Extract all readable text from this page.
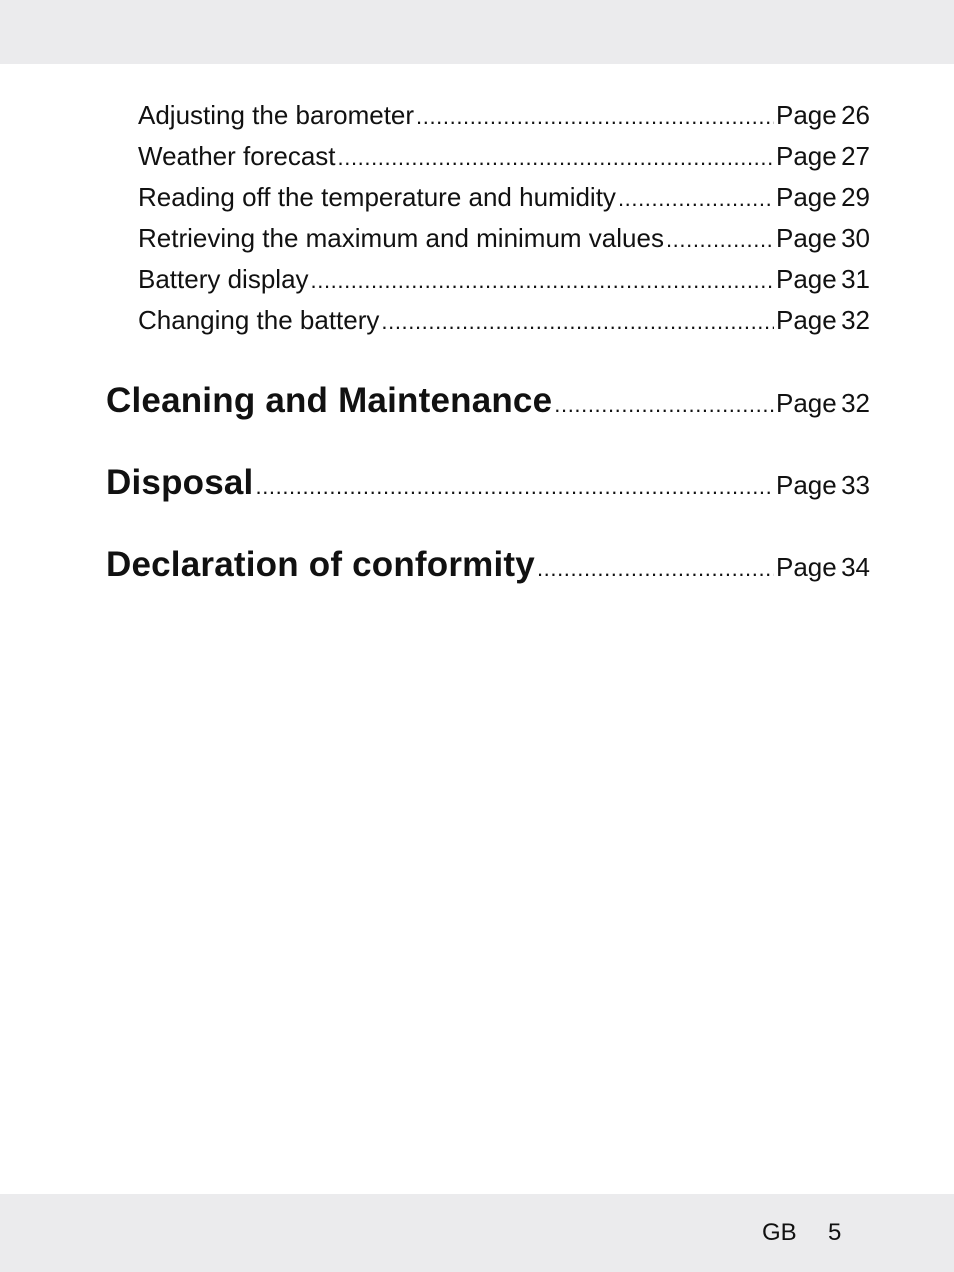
Adjusting the barometer .....	Page 26
Weather forecast .....	Page 27
Reading off the temperature and humidity .....	Page 29
Retrieving the maximum and minimum values .....	Page 30
Battery display .....	Page 31
Changing the battery .....	Page 32
Cleaning and Maintenance .....	Page 32
Disposal .....	Page 33
Declaration of conformity .....	Page 34
GB 5
